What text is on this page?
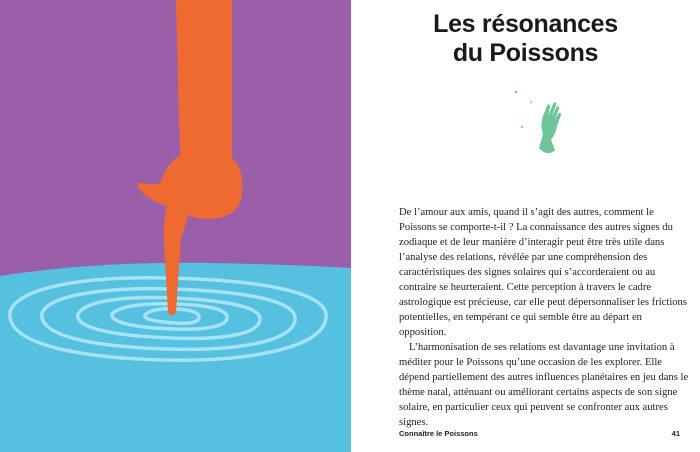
Les résonances
du Poissons

De l’amour aux amis, quand il s’agit des autres, comment le Poissons se comporte-t-il ? La connaissance des autres signes du zodiaque et de leur manière d’interagir peut être très utile dans l’analyse des relations, révélée par une compréhension des caractéristiques des signes solaires qui s’accorderaient ou au contraire se heurteraient. Cette perception à travers le cadre astrologique est précieuse, car elle peut dépersonnaliser les frictions potentielles, en tempérant ce qui semble être au départ en opposition.

L’harmonisation de ses relations est davantage une invitation à méditer pour le Poissons qu’une occasion de les explorer. Elle dépend partiellement des autres influences planétaires en jeu dans le thème natal, atténuant ou améliorant certains aspects de son signe solaire, en particulier ceux qui peuvent se confronter aux autres signes.

Connaître le Poissons	41
